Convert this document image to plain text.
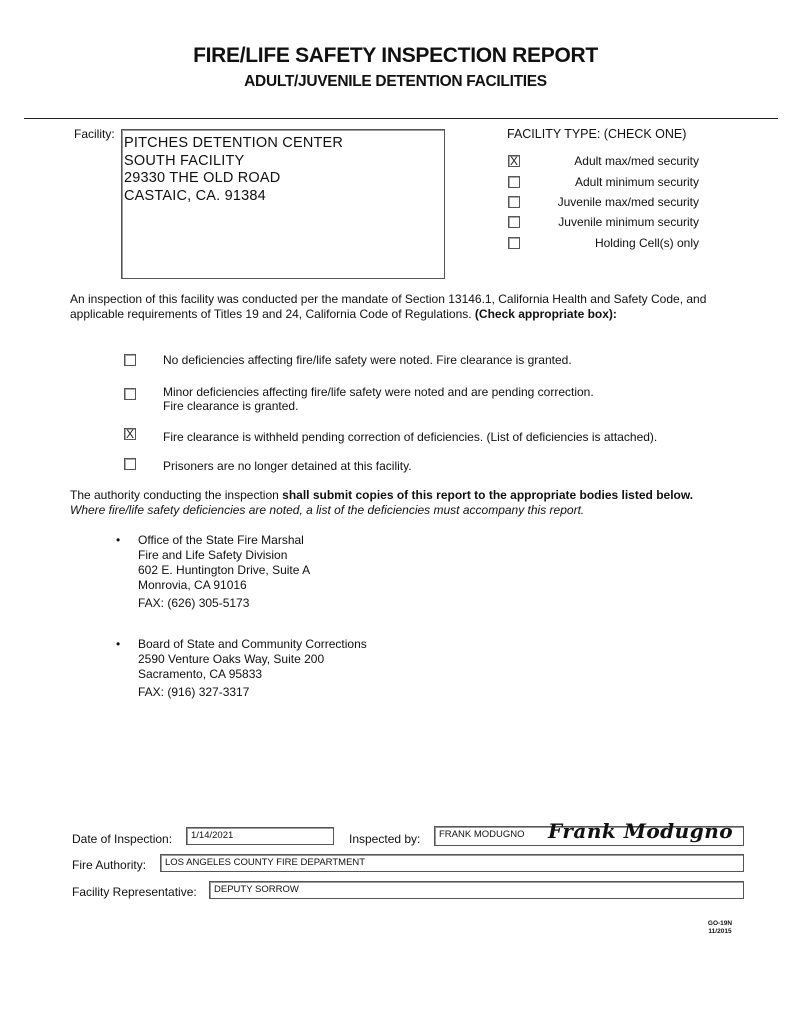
FIRE/LIFE SAFETY INSPECTION REPORT
ADULT/JUVENILE DETENTION FACILITIES
Facility:
PITCHES DETENTION CENTER
SOUTH FACILITY
29330 THE OLD ROAD
CASTAIC, CA. 91384
FACILITY TYPE: (CHECK ONE)
X	Adult max/med security
Adult minimum security
Juvenile max/med security
Juvenile minimum security
Holding Cell(s) only
An inspection of this facility was conducted per the mandate of Section 13146.1, California Health and Safety Code, and applicable requirements of Titles 19 and 24, California Code of Regulations. (Check appropriate box):
No deficiencies affecting fire/life safety were noted. Fire clearance is granted.
Minor deficiencies affecting fire/life safety were noted and are pending correction.
Fire clearance is granted.
X Fire clearance is withheld pending correction of deficiencies. (List of deficiencies is attached).
Prisoners are no longer detained at this facility.
The authority conducting the inspection shall submit copies of this report to the appropriate bodies listed below. Where fire/life safety deficiencies are noted, a list of the deficiencies must accompany this report.
• Office of the State Fire Marshal
Fire and Life Safety Division
602 E. Huntington Drive, Suite A
Monrovia, CA 91016
FAX: (626) 305-5173
• Board of State and Community Corrections
2590 Venture Oaks Way, Suite 200
Sacramento, CA 95833
FAX: (916) 327-3317
Date of Inspection:	1/14/2021	Inspected by:	FRANK MODUGNO	Frank Modugno
Fire Authority:	LOS ANGELES COUNTY FIRE DEPARTMENT
Facility Representative:	DEPUTY SORROW
GO-19N
11/2015
